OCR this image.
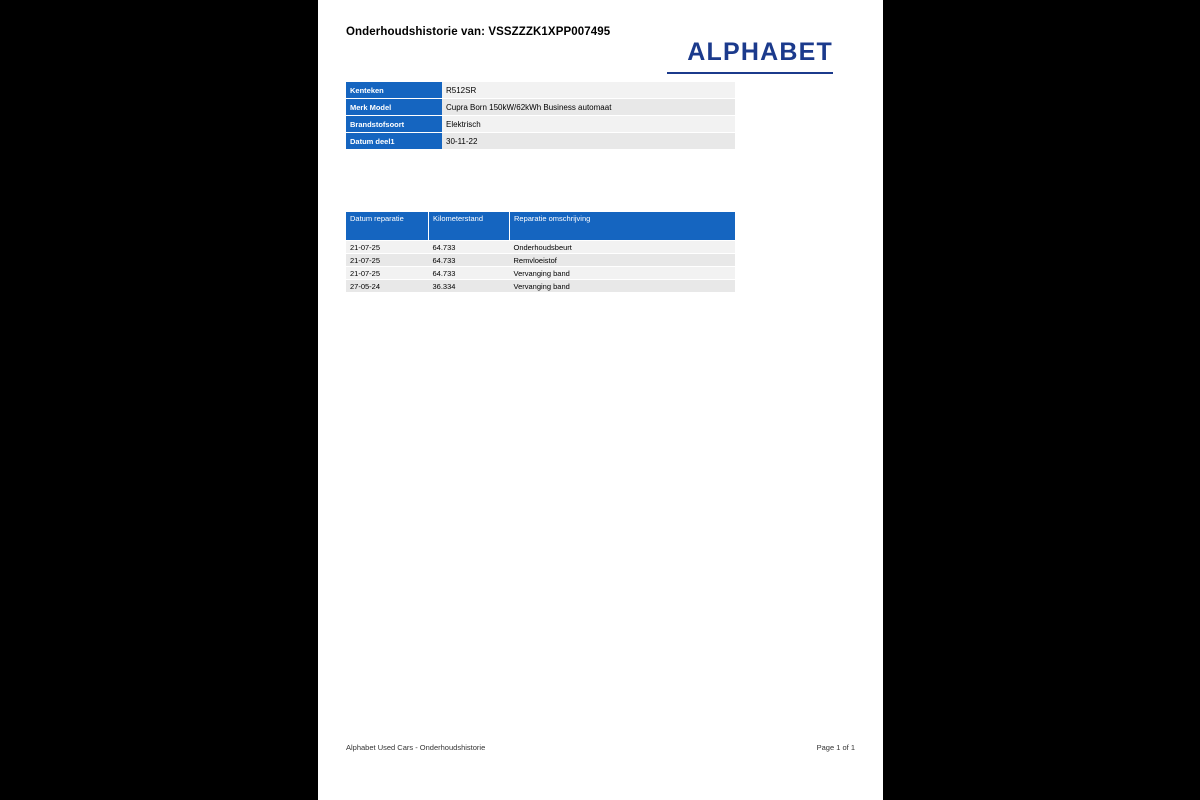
Onderhoudshistorie van: VSSZZZK1XPP007495
ALPHABET
Kenteken	R512SR
Merk Model	Cupra Born 150kW/62kWh Business automaat
Brandstofsoort	Elektrisch
Datum deel1	30-11-22
Datum reparatie	Kilometerstand	Reparatie omschrijving
21-07-25	64.733	Onderhoudsbeurt
21-07-25	64.733	Remvloeistof
21-07-25	64.733	Vervanging band
27-05-24	36.334	Vervanging band
Alphabet Used Cars - Onderhoudshistorie	Page 1 of 1
